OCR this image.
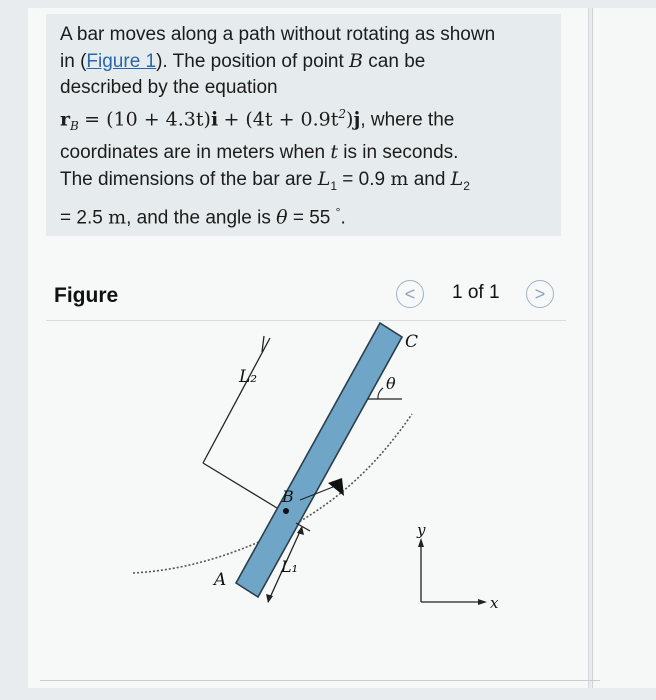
A bar moves along a path without rotating as shown
in (Figure 1). The position of point B can be
described by the equation
$r_B = (10 + 4.3t)i + (4t + 0.9t^2)j$, where the
coordinates are in meters when t is in seconds.
The dimensions of the bar are $L_1 = 0.9$ m and $L_2$
= 2.5 m, and the angle is θ = 55 °.
Figure	<	1 of 1	>
L₂
C
θ
B
L₁
A
y
x
